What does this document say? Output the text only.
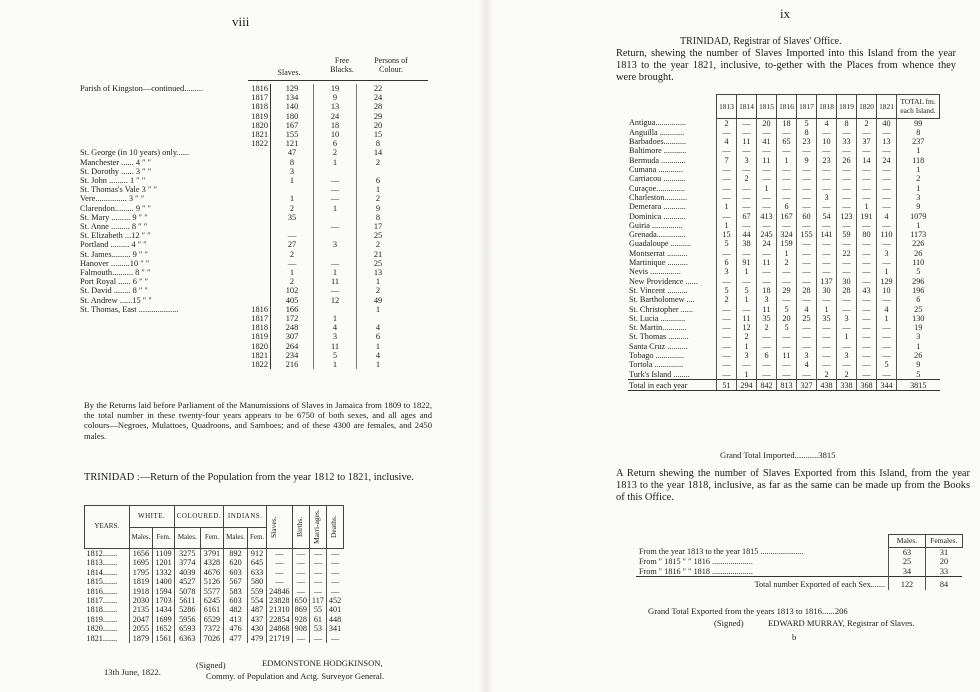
viii
Slaves.
Free Blacks.
Persons of Colour.
Parish of Kingston—continued.........	1816	129	19	22
	1817	134	9	24
	1818	140	13	28
	1819	180	24	29
	1820	167	18	20
	1821	155	10	15
	1822	121	6	8
St. George (in 10 years) only......		47	2	14
Manchester ...... 4 ″ ″		8	1	2
St. Dorothy ...... 3 ″ ″		3		
St. John ......... 1 ″ ″		1	—	6
St. Thomas's Vale 3 ″ ″			—	1
Vere............... 3 ″ ″		1	—	2
Clarendon......... 9 ″ ″		2	1	9
St. Mary ......... 9 ″ ″		35		8
St. Anne ......... 8 ″ ″			—	17
St. Elizabeth ...12 ″ ″		—		25
Portland ......... 4 ″ ″		27	3	2
St. James......... 9 ″ ″		2		21
Hanover .........10 ″ ″		—	—	25
Falmouth.......... 8 ″ ″		1	1	13
Port Royal ...... 6 ″ ″		2	11	1
St. David ........ 8 ″ ″		102	—	2
St. Andrew ......15 ″ ″		405	12	49
St. Thomas, East ...................	1816	166		1
	1817	172	1	
	1818	248	4	4
	1819	307	3	6
	1820	264	11	1
	1821	234	5	4
	1822	216	1	1
By the Returns laid before Parliament of the Manumissions of Slaves in Jamaica from 1809 to 1822, the total number in these twenty-four years appears to be 6750 of both sexes, and all ages and colours—Negroes, Mulattoes, Quadroons, and Samboes; and of these 4300 are females, and 2450 males.
TRINIDAD :—Return of the Population from the year 1812 to 1821, inclusive.
YEARS.	WHITE.		COLOURED.		INDIANS.		Slaves.	Births.	Marri-ages.	Deaths.

	Males.	Fem.	Males.	Fem.	Males.	Fem.				
1812.......	1656	1109	3275	3791	892	912	—	—	—	—
1813.......	1695	1201	3774	4328	620	645	—	—	—	—
1814.......	1795	1332	4039	4676	603	633	—	—	—	—
1815.......	1819	1400	4527	5126	567	580	—	—	—	—
1816.......	1918	1594	5078	5577	583	559	24846	—	—	—
1817.......	2030	1703	5611	6245	603	554	23828	650	117	452
1818.......	2135	1434	5286	6161	482	487	21310	869	55	401
1819.......	2047	1699	5956	6529	413	437	22854	928	61	448
1820.......	2055	1652	6593	7372	476	430	24868	908	53	341
1821.......	1879	1561	6363	7026	477	479	21719	—	—	—
13th June, 1822.
(Signed)	EDMONSTONE HODGKINSON,
Commy. of Population and Actg. Surveyor General.
ix
TRINIDAD, Registrar of Slaves' Office.
Return, shewing the number of Slaves Imported into this Island from the year 1813 to the year 1821, inclusive, to-gether with the Places from whence they were brought.
	1813	1814	1815	1816	1817	1818	1819	1820	1821	TOTAL fm. each Island.
Antigua...............	2	—	20	18	5	4	8	2	40	99
Anguilla ............	—	—	—	—	8	—	—	—	—	8
Barbadoes...........	4	11	41	65	23	10	33	37	13	237
Baltimore ...........	—	—	—	—	—	—	—	—	—	1
Bermuda ............	7	3	11	1	9	23	26	14	24	118
Cumana ............	—	—	—	—	—	—	—	—	—	1
Carriacou ...........	—	2	—	—	—	—	—	—	—	2
Curaçoe..............	—	—	1	—	—	—	—	—	—	1
Charleston...........	—	—	—	—	—	3	—	—	—	3
Demerara ...........	1	—	—	6	—	—	—	1	—	9
Dominica ...........	—	67	413	167	60	54	123	191	4	1079
Guiria ...............	1	—	—	—	—	—	—	—	—	1
Grenada..............	15	44	245	324	155	141	59	80	110	1173
Guadaloupe ..........	5	38	24	159	—	—	—	—	—	226
Montserrat ..........	—	—	—	1	—	—	22	—	3	26
Martinique ..........	6	91	11	2	—	—	—	—	—	110
Nevis ...............	3	1	—	—	—	—	—	—	1	5
New Providence ......	—	—	—	—	—	137	30	—	129	296
St. Vincent ..........	5	5	18	29	28	30	28	43	10	196
St. Bartholomew ....	2	1	3	—	—	—	—	—	—	6
St. Christopher ......	—	—	11	5	4	1	—	—	4	25
St. Lucia ............	—	11	35	20	25	35	3	—	1	130
St. Martin............	—	12	2	5	—	—	—	—	—	19
St. Thomas ..........	—	2	—	—	—	—	1	—	—	3
Santa Cruz ..........	—	1	—	—	—	—	—	—	—	1
Tobago ..............	—	3	6	11	3	—	3	—	—	26
Tortola ..............	—	—	—	—	4	—	—	—	5	9
Turk's Island ........	—	1	—	—	—	2	2	—	—	5
Total in each year	51	294	842	813	327	438	338	368	344	3815
Grand Total Imported...........3815
A Return shewing the number of Slaves Exported from this Island, from the year 1813 to the year 1818, inclusive, as far as the same can be made up from the Books of this Office.
	Males.	Females.
From the year 1813 to the year 1815 .....................	63	31
From ″ 1815 ″ ″ 1816 ....................	25	20
From ″ 1816 ″ ″ 1818 ....................	34	33
Total number Exported of each Sex.......	122	84
Grand Total Exported from the years 1813 to 1816......206
(Signed)	EDWARD MURRAY, Registrar of Slaves.
b
